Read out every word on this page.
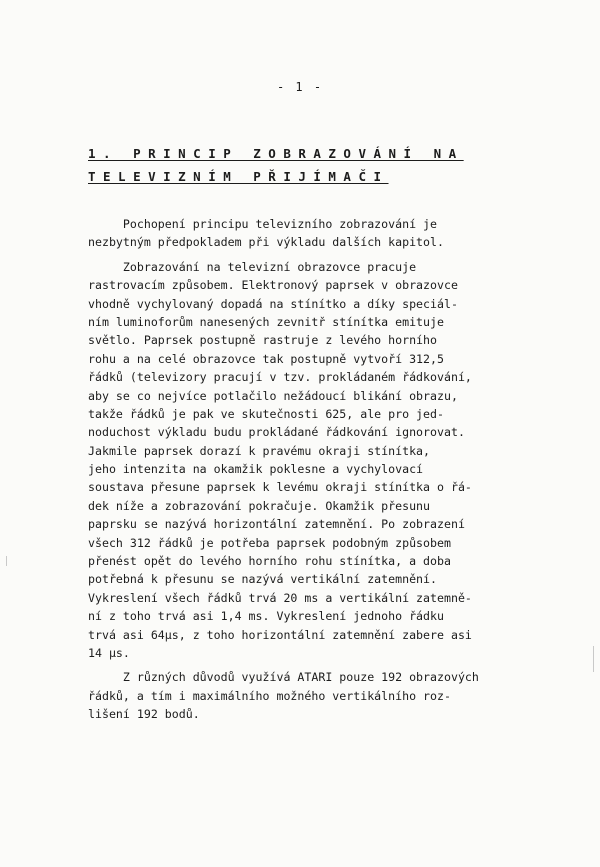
- 1 -
1. PRINCIP ZOBRAZOVÁNÍ NA
TELEVIZNÍM PŘIJÍMAČI
Pochopení principu televizního zobrazování je
nezbytným předpokladem při výkladu dalších kapitol.
Zobrazování na televizní obrazovce pracuje
rastrovacím způsobem. Elektronový paprsek v obrazovce
vhodně vychylovaný dopadá na stínítko a díky speciál-
ním luminoforům nanesených zevnitř stínítka emituje
světlo. Paprsek postupně rastruje z levého horního
rohu a na celé obrazovce tak postupně vytvoří 312,5
řádků (televizory pracují v tzv. prokládaném řádkování,
aby se co nejvíce potlačilo nežádoucí blikání obrazu,
takže řádků je pak ve skutečnosti 625, ale pro jed-
noduchost výkladu budu prokládané řádkování ignorovat.
Jakmile paprsek dorazí k pravému okraji stínítka,
jeho intenzita na okamžik poklesne a vychylovací
soustava přesune paprsek k levému okraji stínítka o řá-
dek níže a zobrazování pokračuje. Okamžik přesunu
paprsku se nazývá horizontální zatemnění. Po zobrazení
všech 312 řádků je potřeba paprsek podobným způsobem
přenést opět do levého horního rohu stínítka, a doba
potřebná k přesunu se nazývá vertikální zatemnění.
Vykreslení všech řádků trvá 20 ms a vertikální zatemně-
ní z toho trvá asi 1,4 ms. Vykreslení jednoho řádku
trvá asi 64µs, z toho horizontální zatemnění zabere asi
14 µs.
Z různých důvodů využívá ATARI pouze 192 obrazových
řádků, a tím i maximálního možného vertikálního roz-
lišení 192 bodů.
